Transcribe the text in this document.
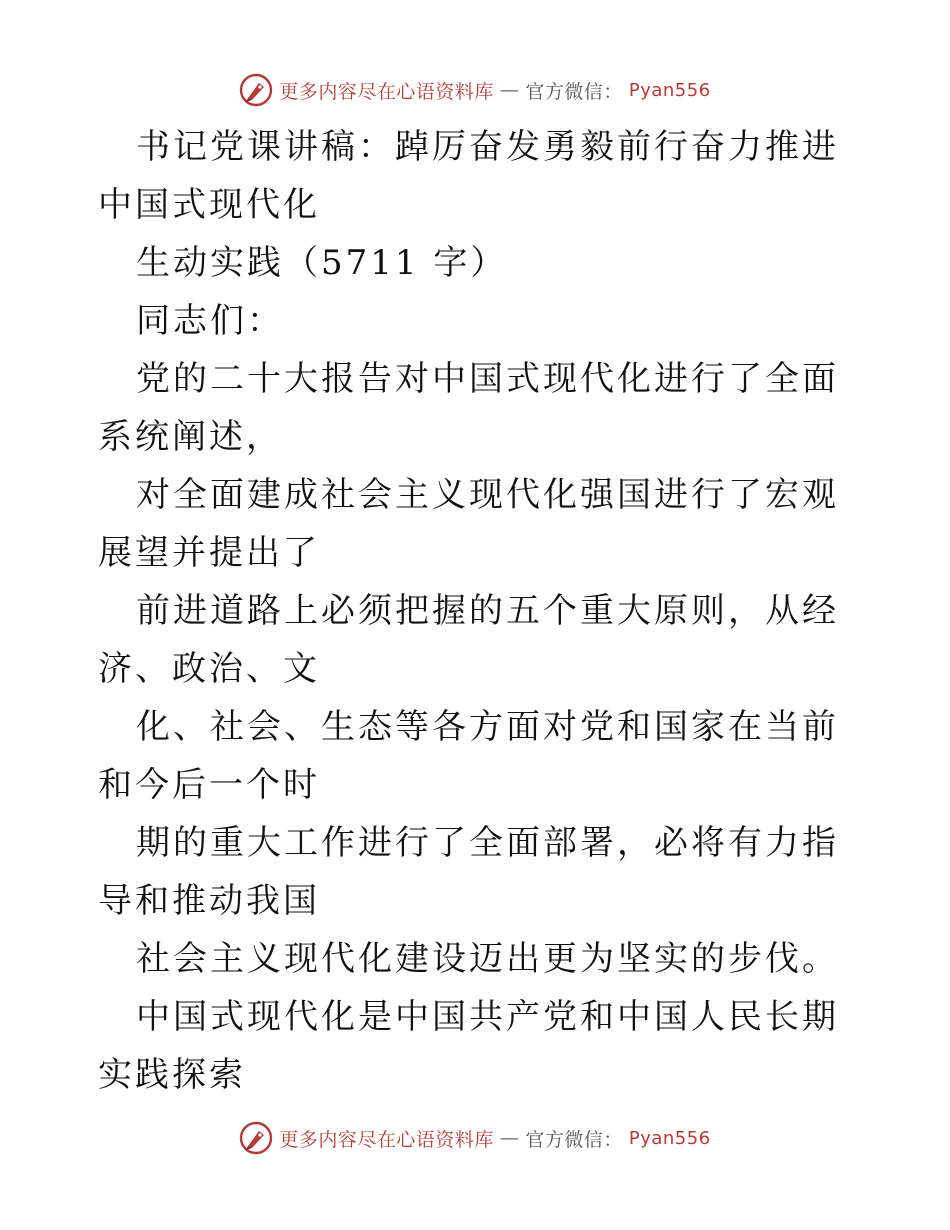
更多内容尽在心语资料库 — 官方微信： Pyan556

书记党课讲稿：踔厉奋发勇毅前行奋力推进中国式现代化

生动实践（5711 字）

同志们：

党的二十大报告对中国式现代化进行了全面系统阐述，

对全面建成社会主义现代化强国进行了宏观展望并提出了

前进道路上必须把握的五个重大原则，从经济、政治、文

化、社会、生态等各方面对党和国家在当前和今后一个时

期的重大工作进行了全面部署，必将有力指导和推动我国

社会主义现代化建设迈出更为坚实的步伐。

中国式现代化是中国共产党和中国人民长期实践探索

更多内容尽在心语资料库 — 官方微信： Pyan556
